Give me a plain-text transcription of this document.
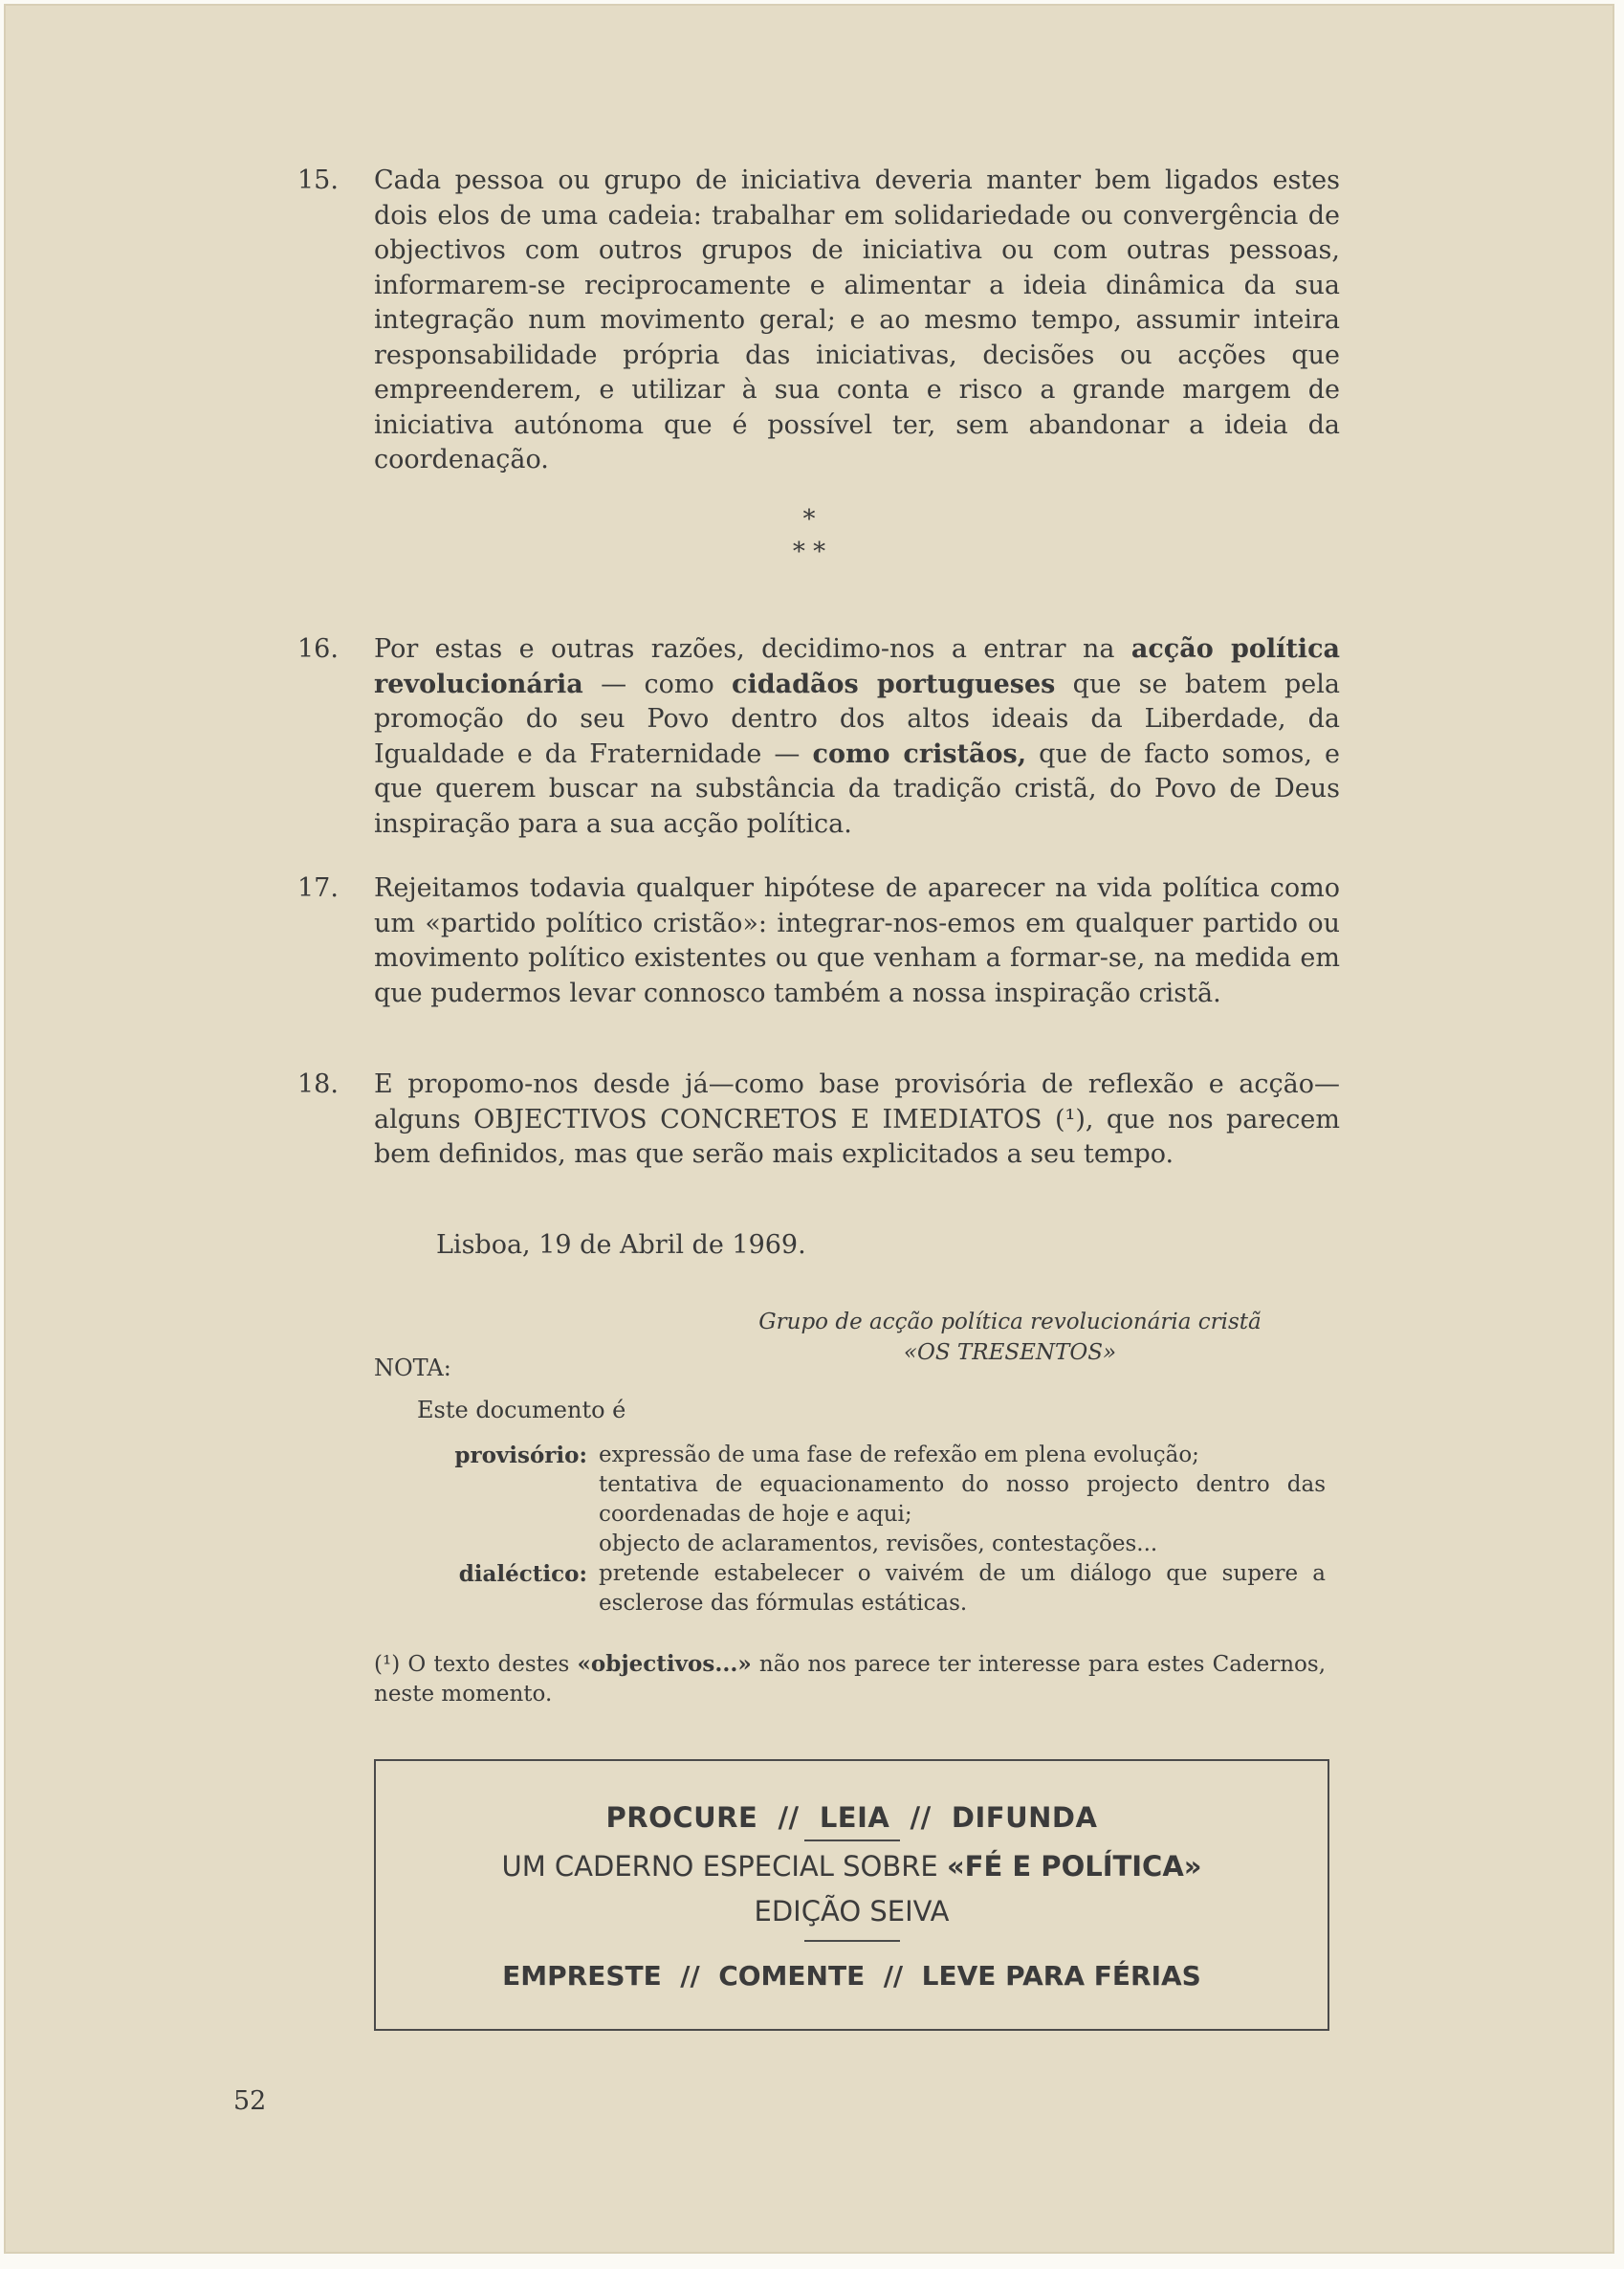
15. Cada pessoa ou grupo de iniciativa deveria manter bem ligados estes dois elos de uma cadeia: trabalhar em solidariedade ou convergência de objectivos com outros grupos de iniciativa ou com outras pessoas, informarem-se reciprocamente e alimentar a ideia dinâmica da sua integração num movimento geral; e ao mesmo tempo, assumir inteira responsabilidade própria das iniciativas, decisões ou acções que empreenderem, e utilizar à sua conta e risco a grande margem de iniciativa autónoma que é possível ter, sem abandonar a ideia da coordenação.

*
* *
16. Por estas e outras razões, decidimo-nos a entrar na acção política revolucionária — como cidadãos portugueses que se batem pela promoção do seu Povo dentro dos altos ideais da Liberdade, da Igualdade e da Fraternidade — como cristãos, que de facto somos, e que querem buscar na substância da tradição cristã, do Povo de Deus inspiração para a sua acção política.

17. Rejeitamos todavia qualquer hipótese de aparecer na vida política como um «partido político cristão»: integrar-nos-emos em qualquer partido ou movimento político existentes ou que venham a formar-se, na medida em que pudermos levar connosco também a nossa inspiração cristã.

18. E propomo-nos desde já—como base provisória de reflexão e acção—alguns OBJECTIVOS CONCRETOS E IMEDIATOS (¹), que nos parecem bem definidos, mas que serão mais explicitados a seu tempo.

Lisboa, 19 de Abril de 1969.
Grupo de acção política revolucionária cristã
«OS TRESENTOS»
NOTA:
Este documento é
provisório: expressão de uma fase de refexão em plena evolução;
tentativa de equacionamento do nosso projecto dentro das coordenadas de hoje e aqui;
objecto de aclaramentos, revisões, contestações...
dialéctico: pretende estabelecer o vaivém de um diálogo que supere a esclerose das fórmulas estáticas.
(¹) O texto destes «objectivos...» não nos parece ter interesse para estes Cadernos, neste momento.
PROCURE  //  LEIA  //  DIFUNDA
UM CADERNO ESPECIAL SOBRE «FÉ E POLÍTICA»
EDIÇÃO SEIVA
EMPRESTE  //  COMENTE  //  LEVE PARA FÉRIAS
52
